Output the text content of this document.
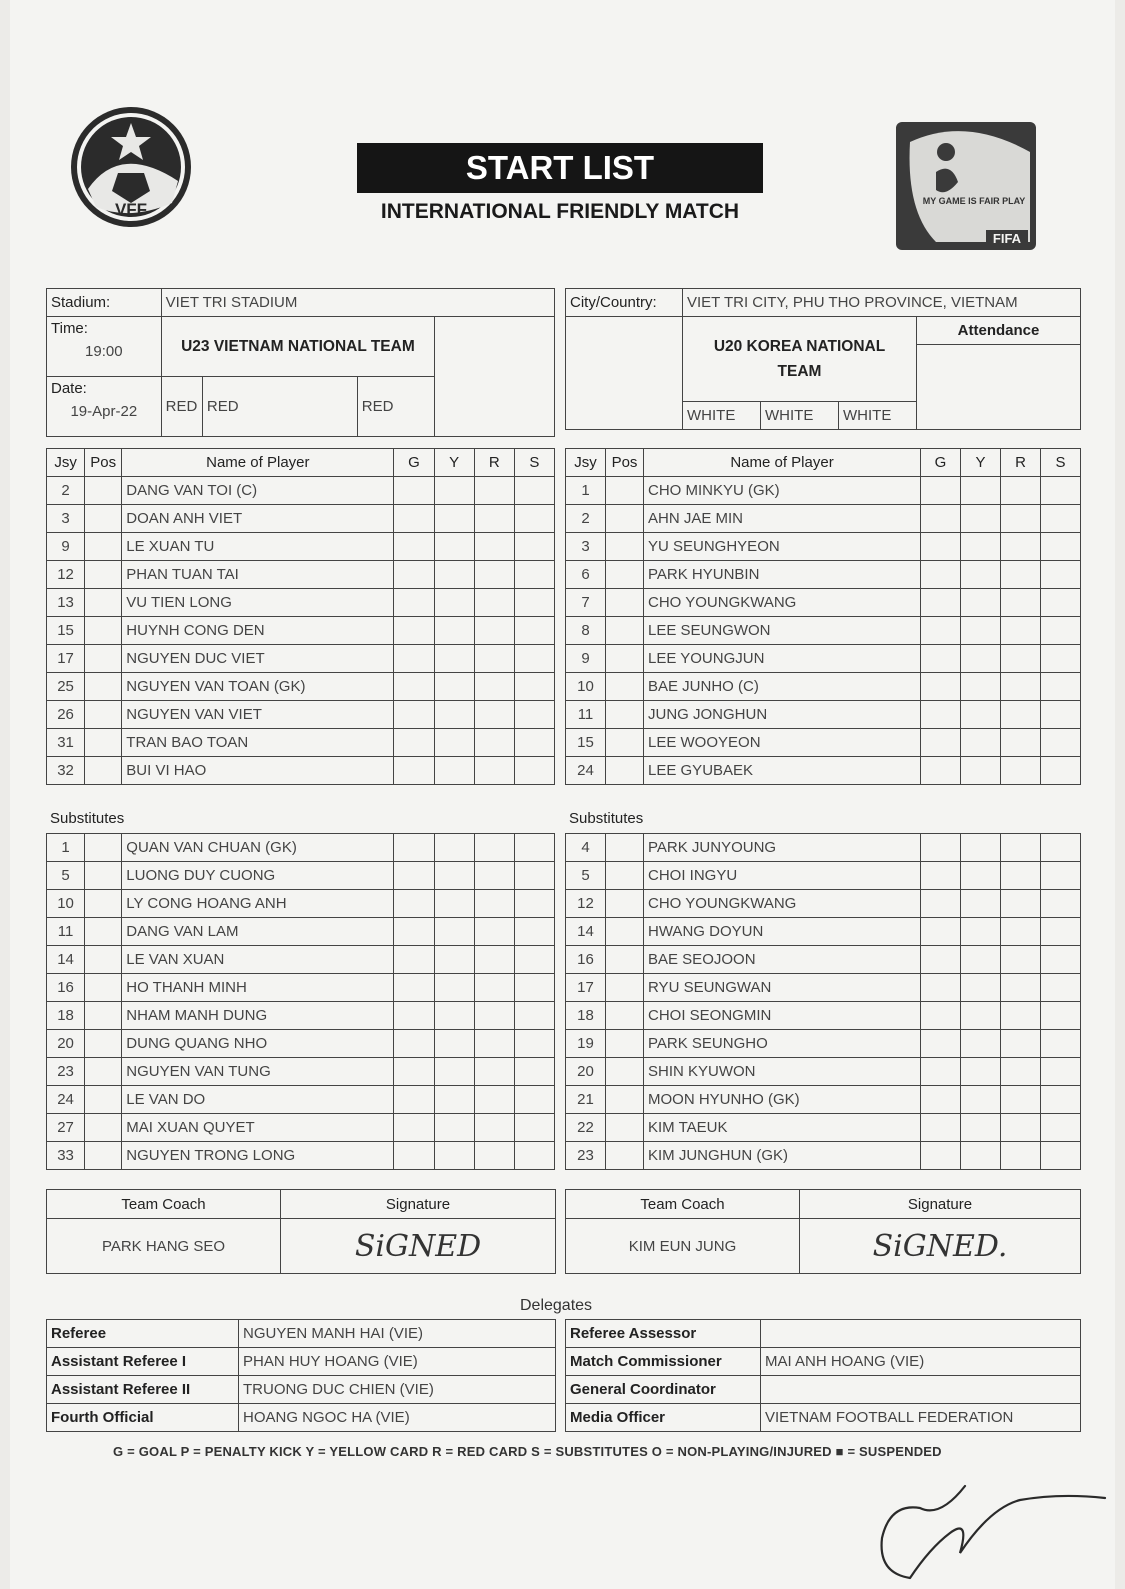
VFF
START LIST
INTERNATIONAL FRIENDLY MATCH	MY GAME IS FAIR PLAY
FIFA
Stadium:	VIET TRI STADIUM			

Time:
19:00	U23 VIETNAM NATIONAL TEAM			

Date:
19-Apr-22				

	RED	RED	RED	
City/Country:	VIET TRI CITY, PHU THO PROVINCE, VIETNAM			
	U20 KOREA NATIONAL TEAM			Attendance

	WHITE	WHITE	WHITE	
Jsy	Pos	Name of Player	G	Y	R	S
2		DANG VAN TOI (C)				
3		DOAN ANH VIET				
9		LE XUAN TU				
12		PHAN TUAN TAI				
13		VU TIEN LONG				
15		HUYNH CONG DEN				
17		NGUYEN DUC VIET				
25		NGUYEN VAN TOAN (GK)				
26		NGUYEN VAN VIET				
31		TRAN BAO TOAN				
32		BUI VI HAO				
Jsy	Pos	Name of Player	G	Y	R	S
1		CHO MINKYU (GK)				
2		AHN JAE MIN				
3		YU SEUNGHYEON				
6		PARK HYUNBIN				
7		CHO YOUNGKWANG				
8		LEE SEUNGWON				
9		LEE YOUNGJUN				
10		BAE JUNHO (C)				
11		JUNG JONGHUN				
15		LEE WOOYEON				
24		LEE GYUBAEK				
Substitutes	Substitutes
1		QUAN VAN CHUAN (GK)				
5		LUONG DUY CUONG				
10		LY CONG HOANG ANH				
11		DANG VAN LAM				
14		LE VAN XUAN				
16		HO THANH MINH				
18		NHAM MANH DUNG				
20		DUNG QUANG NHO				
23		NGUYEN VAN TUNG				
24		LE VAN DO				
27		MAI XUAN QUYET				
33		NGUYEN TRONG LONG				
4		PARK JUNYOUNG				
5		CHOI INGYU				
12		CHO YOUNGKWANG				
14		HWANG DOYUN				
16		BAE SEOJOON				
17		RYU SEUNGWAN				
18		CHOI SEONGMIN				
19		PARK SEUNGHO				
20		SHIN KYUWON				
21		MOON HYUNHO (GK)				
22		KIM TAEUK				
23		KIM JUNGHUN (GK)				
Team Coach	Signature
PARK HANG SEO	SiGNED
Team Coach	Signature
KIM EUN JUNG	SiGNED.
Delegates
Referee	NGUYEN MANH HAI (VIE)
Assistant Referee I	PHAN HUY HOANG (VIE)
Assistant Referee II	TRUONG DUC CHIEN (VIE)
Fourth Official	HOANG NGOC HA (VIE)
Referee Assessor	
Match Commissioner	MAI ANH HOANG (VIE)
General Coordinator	
Media Officer	VIETNAM FOOTBALL FEDERATION
G = GOAL P = PENALTY KICK Y = YELLOW CARD R = RED CARD S = SUBSTITUTES O = NON-PLAYING/INJURED ■ = SUSPENDED
